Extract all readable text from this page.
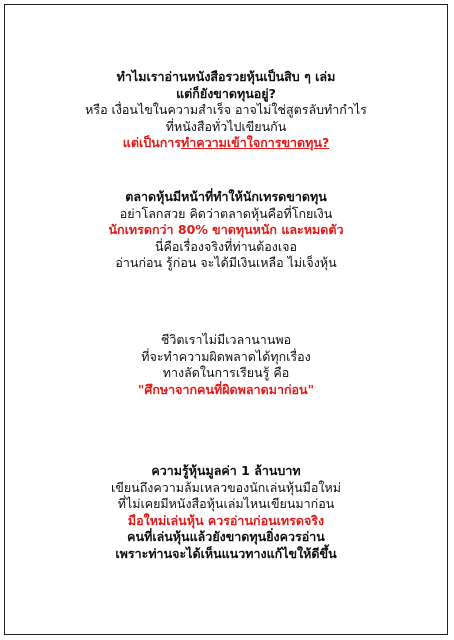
ทำไมเราอ่านหนังสือรวยหุ้นเป็นสิบ ๆ เล่ม
แต่ก็ยังขาดทุนอยู่?
หรือ เงื่อนไขในความสำเร็จ อาจไม่ใช่สูตรลับทำกำไร
ที่หนังสือทั่วไปเขียนกัน
แต่เป็นการทำความเข้าใจการขาดทุน?
ตลาดหุ้นมีหน้าที่ทำให้นักเทรดขาดทุน
อย่าโลกสวย คิดว่าตลาดหุ้นคือที่โกยเงิน
นักเทรดกว่า 80% ขาดทุนหนัก และหมดตัว
นี่คือเรื่องจริงที่ท่านต้องเจอ
อ่านก่อน รู้ก่อน จะได้มีเงินเหลือ ไม่เจ็งหุ้น
ชีวิตเราไม่มีเวลานานพอ
ที่จะทำความผิดพลาดได้ทุกเรื่อง
ทางลัดในการเรียนรู้ คือ
"ศึกษาจากคนที่ผิดพลาดมาก่อน"
ความรู้หุ้นมูลค่า 1 ล้านบาท
เขียนถึงความล้มเหลวของนักเล่นหุ้นมือใหม่
ที่ไม่เคยมีหนังสือหุ้นเล่มไหนเขียนมาก่อน
มือใหม่เล่นหุ้น ควรอ่านก่อนเทรดจริง
คนที่เล่นหุ้นแล้วยังขาดทุนยิ่งควรอ่าน
เพราะท่านจะได้เห็นแนวทางแก้ไขให้ดีขึ้น
